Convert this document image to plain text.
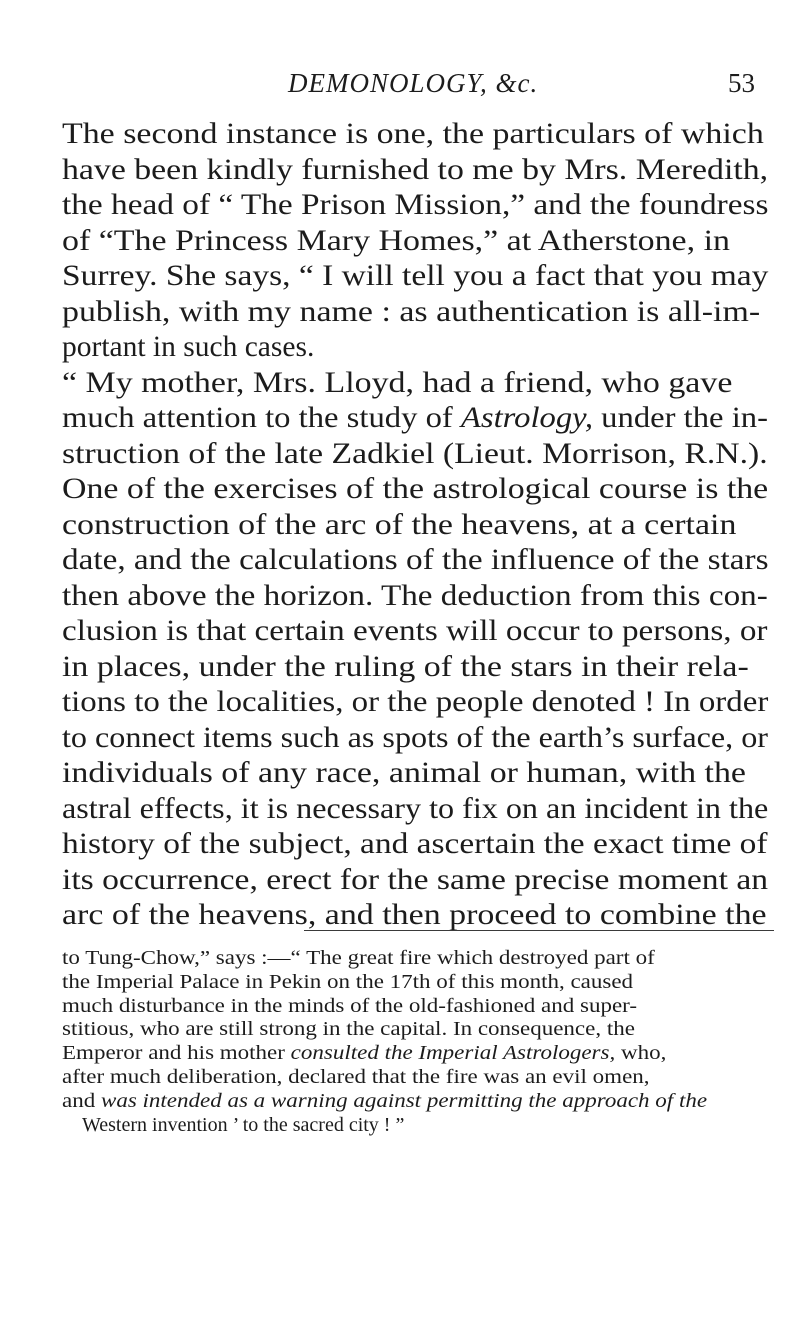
DEMONOLOGY, &c.	53
The second instance is one, the particulars of which
have been kindly furnished to me by Mrs. Meredith,
the head of “ The Prison Mission,” and the foundress
of “The Princess Mary Homes,” at Atherstone, in
Surrey. She says, “ I will tell you a fact that you may
publish, with my name : as authentication is all-im-
portant in such cases.
“ My mother, Mrs. Lloyd, had a friend, who gave
much attention to the study of Astrology, under the in-
struction of the late Zadkiel (Lieut. Morrison, R.N.).
One of the exercises of the astrological course is the
construction of the arc of the heavens, at a certain
date, and the calculations of the influence of the stars
then above the horizon. The deduction from this con-
clusion is that certain events will occur to persons, or
in places, under the ruling of the stars in their rela-
tions to the localities, or the people denoted ! In order
to connect items such as spots of the earth’s surface, or
individuals of any race, animal or human, with the
astral effects, it is necessary to fix on an incident in the
history of the subject, and ascertain the exact time of
its occurrence, erect for the same precise moment an
arc of the heavens, and then proceed to combine the
to Tung-Chow,” says :—“ The great fire which destroyed part of
the Imperial Palace in Pekin on the 17th of this month, caused
much disturbance in the minds of the old-fashioned and super-
stitious, who are still strong in the capital. In consequence, the
Emperor and his mother consulted the Imperial Astrologers, who,
after much deliberation, declared that the fire was an evil omen,
and was intended as a warning against permitting the approach of the
Western invention ’ to the sacred city ! ”
